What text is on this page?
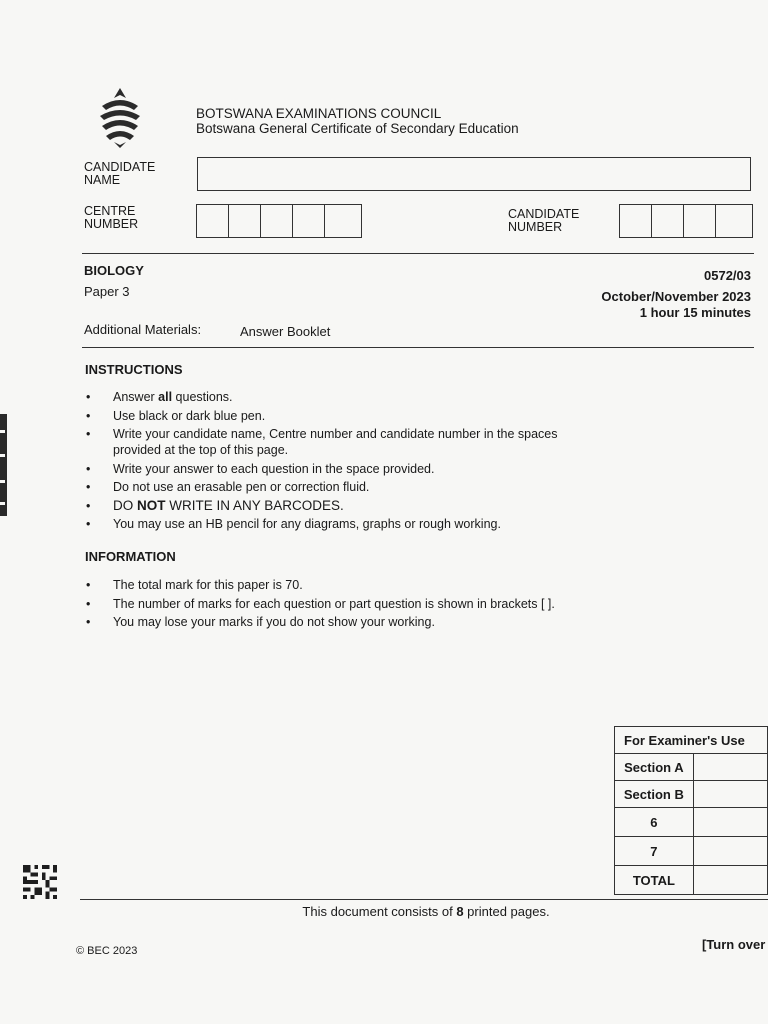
BOTSWANA EXAMINATIONS COUNCIL
Botswana General Certificate of Secondary Education
CANDIDATE
NAME
CENTRE
NUMBER
CANDIDATE
NUMBER
BIOLOGY
Paper 3
0572/03
October/November 2023
1 hour 15 minutes
Additional Materials:	Answer Booklet
INSTRUCTIONS
• Answer all questions.
• Use black or dark blue pen.
• Write your candidate name, Centre number and candidate number in the spaces
provided at the top of this page.
• Write your answer to each question in the space provided.
• Do not use an erasable pen or correction fluid.
• DO NOT WRITE IN ANY BARCODES.
• You may use an HB pencil for any diagrams, graphs or rough working.
INFORMATION
• The total mark for this paper is 70.
• The number of marks for each question or part question is shown in brackets [ ].
• You may lose your marks if you do not show your working.
For Examiner's Use	
Section A	
Section B	
6	
7	
TOTAL	
This document consists of 8 printed pages.
© BEC 2023	[Turn over
